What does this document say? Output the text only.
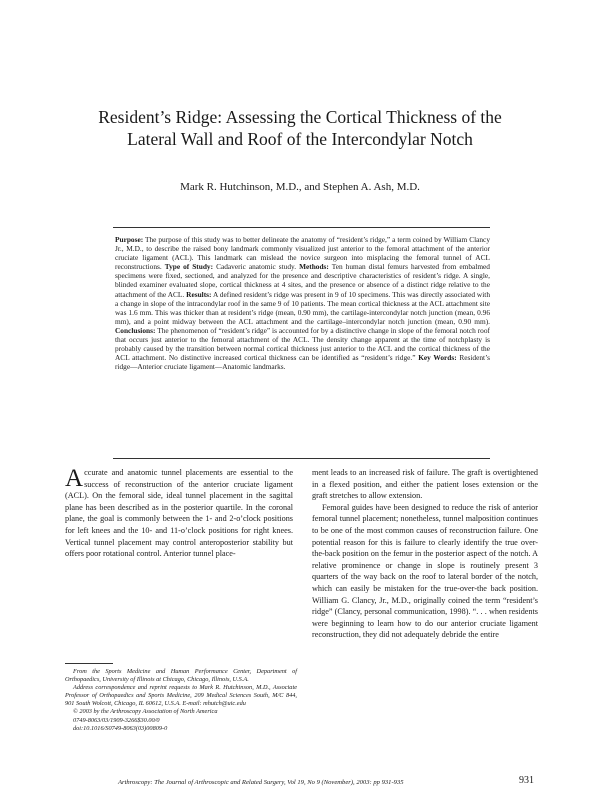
Resident’s Ridge: Assessing the Cortical Thickness of the
Lateral Wall and Roof of the Intercondylar Notch
Mark R. Hutchinson, M.D., and Stephen A. Ash, M.D.
Purpose: The purpose of this study was to better delineate the anatomy of “resident’s ridge,” a term coined by William Clancy Jr., M.D., to describe the raised bony landmark commonly visualized just anterior to the femoral attachment of the anterior cruciate ligament (ACL). This landmark can mislead the novice surgeon into misplacing the femoral tunnel of ACL reconstructions. Type of Study: Cadaveric anatomic study. Methods: Ten human distal femurs harvested from embalmed specimens were fixed, sectioned, and analyzed for the presence and descriptive characteristics of resident’s ridge. A single, blinded examiner evaluated slope, cortical thickness at 4 sites, and the presence or absence of a distinct ridge relative to the attachment of the ACL. Results: A defined resident’s ridge was present in 9 of 10 specimens. This was directly associated with a change in slope of the intracondylar roof in the same 9 of 10 patients. The mean cortical thickness at the ACL attachment site was 1.6 mm. This was thicker than at resident’s ridge (mean, 0.90 mm), the cartilage-intercondylar notch junction (mean, 0.96 mm), and a point midway between the ACL attachment and the cartilage–intercondylar notch junction (mean, 0.90 mm). Conclusions: The phenomenon of “resident’s ridge” is accounted for by a distinctive change in slope of the femoral notch roof that occurs just anterior to the femoral attachment of the ACL. The density change apparent at the time of notchplasty is probably caused by the transition between normal cortical thickness just anterior to the ACL and the cortical thickness of the ACL attachment. No distinctive increased cortical thickness can be identified as “resident’s ridge.” Key Words: Resident’s ridge—Anterior cruciate ligament—Anatomic landmarks.

Accurate and anatomic tunnel placements are essential to the success of reconstruction of the anterior cruciate ligament (ACL). On the femoral side, ideal tunnel placement in the sagittal plane has been described as in the posterior quartile. In the coronal plane, the goal is commonly between the 1- and 2-o’clock positions for left knees and the 10- and 11-o’clock positions for right knees. Vertical tunnel placement may control anteroposterior stability but offers poor rotational control. Anterior tunnel place-

ment leads to an increased risk of failure. The graft is overtightened in a flexed position, and either the patient loses extension or the graft stretches to allow extension.

Femoral guides have been designed to reduce the risk of anterior femoral tunnel placement; nonetheless, tunnel malposition continues to be one of the most common causes of reconstruction failure. One potential reason for this is failure to clearly identify the true over-the-back position on the femur in the posterior aspect of the notch. A relative prominence or change in slope is routinely present 3 quarters of the way back on the roof to lateral border of the notch, which can easily be mistaken for the true-over-the back position. William G. Clancy, Jr., M.D., originally coined the term “resident’s ridge” (Clancy, personal communication, 1998). “. . . when residents were beginning to learn how to do our anterior cruciate ligament reconstruction, they did not adequately debride the entire

From the Sports Medicine and Human Performance Center, Department of Orthopaedics, University of Illinois at Chicago, Chicago, Illinois, U.S.A.

Address correspondence and reprint requests to Mark R. Hutchinson, M.D., Associate Professor of Orthopaedics and Sports Medicine, 209 Medical Sciences South, M/C 844, 901 South Wolcott, Chicago, IL 60612, U.S.A. E-mail: mhutch@uic.edu

© 2003 by the Arthroscopy Association of North America

0749-8063/03/1909-3266$30.00/0

doi:10.1016/S0749-8063(03)00809-0

Arthroscopy: The Journal of Arthroscopic and Related Surgery, Vol 19, No 9 (November), 2003: pp 931-935	931
